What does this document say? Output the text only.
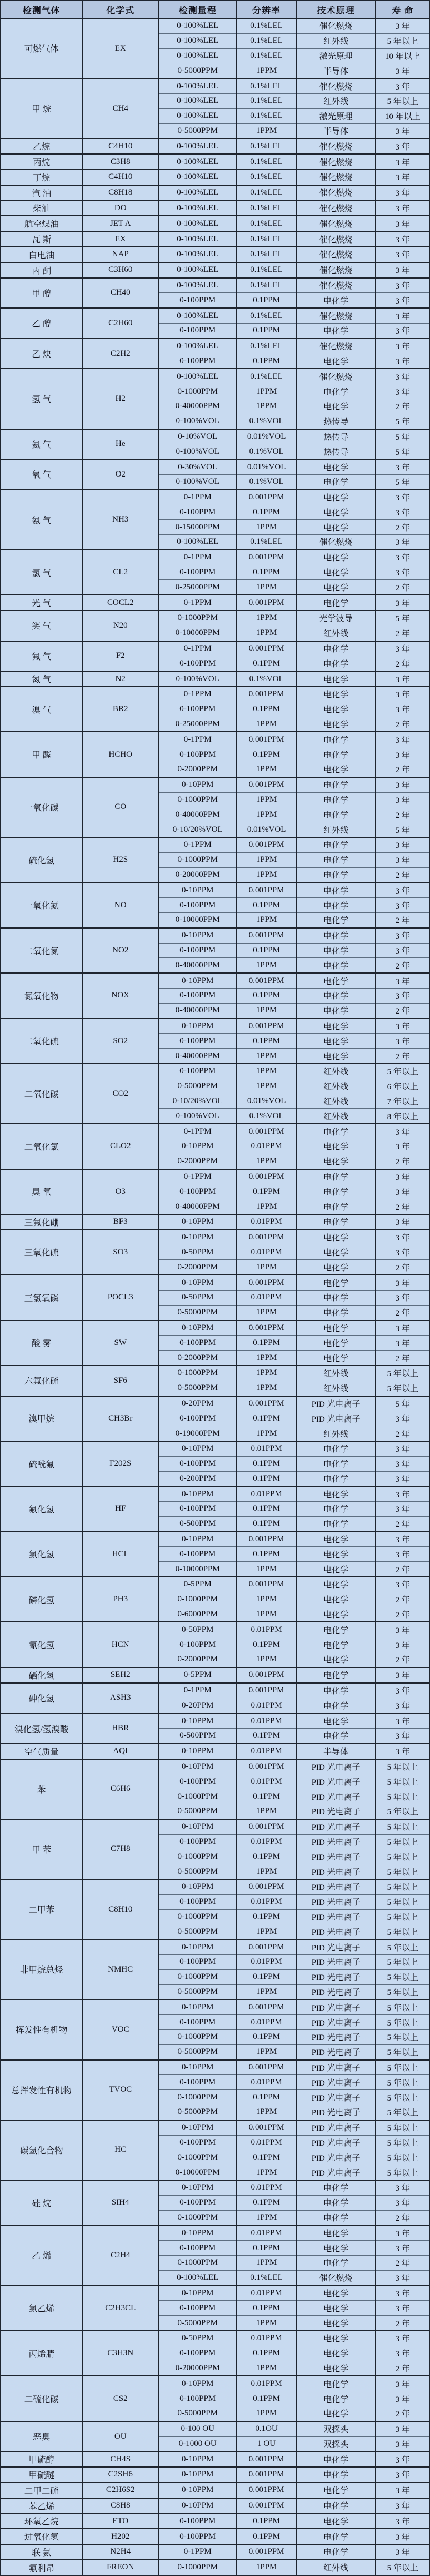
检测气体	化学式	检测量程	分辨率	技术原理	寿 命
可燃气体	EX	0-100%LEL	0.1%LEL	催化燃烧	3 年
		0-100%LEL	0.1%LEL	红外线	5 年以上
		0-100%LEL	0.1%LEL	激光原理	10 年以上
		0-5000PPM	1PPM	半导体	3 年
甲 烷	CH4	0-100%LEL	0.1%LEL	催化燃烧	3 年
		0-100%LEL	0.1%LEL	红外线	5 年以上
		0-100%LEL	0.1%LEL	激光原理	10 年以上
		0-5000PPM	1PPM	半导体	3 年
乙烷	C4H10	0-100%LEL	0.1%LEL	催化燃烧	3 年
丙烷	C3H8	0-100%LEL	0.1%LEL	催化燃烧	3 年
丁烷	C4H10	0-100%LEL	0.1%LEL	催化燃烧	3 年
汽 油	C8H18	0-100%LEL	0.1%LEL	催化燃烧	3 年
柴油	DO	0-100%LEL	0.1%LEL	催化燃烧	3 年
航空煤油	JET A	0-100%LEL	0.1%LEL	催化燃烧	3 年
瓦 斯	EX	0-100%LEL	0.1%LEL	催化燃烧	3 年
白电油	NAP	0-100%LEL	0.1%LEL	催化燃烧	3 年
丙 酮	C3H60	0-100%LEL	0.1%LEL	催化燃烧	3 年
甲 醇	CH40	0-100%LEL	0.1%LEL	催化燃烧	3 年
		0-100PPM	0.1PPM	电化学	3 年
乙 醇	C2H60	0-100%LEL	0.1%LEL	催化燃烧	3 年
		0-100PPM	0.1PPM	电化学	3 年
乙 炔	C2H2	0-100%LEL	0.1%LEL	催化燃烧	3 年
		0-100PPM	0.1PPM	电化学	3 年
氢 气	H2	0-100%LEL	0.1%LEL	催化燃烧	3 年
		0-1000PPM	1PPM	电化学	3 年
		0-40000PPM	1PPM	电化学	2 年
		0-100%VOL	0.1%VOL	热传导	5 年
氦 气	He	0-10%VOL	0.01%VOL	热传导	5 年
		0-100%VOL	0.1%VOL	热传导	5 年
氧 气	O2	0-30%VOL	0.01%VOL	电化学	3 年
		0-100%VOL	0.1%VOL	电化学	5 年
氨 气	NH3	0-1PPM	0.001PPM	电化学	3 年
		0-100PPM	0.1PPM	电化学	3 年
		0-15000PPM	1PPM	电化学	2 年
		0-100%LEL	0.1%LEL	催化燃烧	3 年
氯 气	CL2	0-1PPM	0.001PPM	电化学	3 年
		0-100PPM	0.1PPM	电化学	3 年
		0-25000PPM	1PPM	电化学	2 年
光 气	COCL2	0-1PPM	0.001PPM	电化学	3 年
笑 气	N20	0-1000PPM	1PPM	光学波导	5 年
		0-10000PPM	1PPM	红外线	2 年
氟 气	F2	0-1PPM	0.001PPM	电化学	3 年
		0-100PPM	0.1PPM	电化学	2 年
氮 气	N2	0-100%VOL	0.1%VOL	电化学	3 年
溴 气	BR2	0-1PPM	0.001PPM	电化学	3 年
		0-100PPM	0.1PPM	电化学	3 年
		0-25000PPM	1PPM	电化学	2 年
甲 醛	HCHO	0-1PPM	0.001PPM	电化学	3 年
		0-100PPM	0.1PPM	电化学	3 年
		0-2000PPM	1PPM	电化学	2 年
一氧化碳	CO	0-10PPM	0.001PPM	电化学	3 年
		0-1000PPM	1PPM	电化学	3 年
		0-40000PPM	1PPM	电化学	2 年
		0-10/20%VOL	0.01%VOL	红外线	5 年
硫化氢	H2S	0-1PPM	0.001PPM	电化学	3 年
		0-1000PPM	1PPM	电化学	3 年
		0-20000PPM	1PPM	电化学	2 年
一氧化氮	NO	0-10PPM	0.001PPM	电化学	3 年
		0-100PPM	0.1PPM	电化学	3 年
		0-10000PPM	1PPM	电化学	2 年
二氧化氮	NO2	0-10PPM	0.001PPM	电化学	3 年
		0-100PPM	0.1PPM	电化学	3 年
		0-40000PPM	1PPM	电化学	2 年
氮氧化物	NOX	0-10PPM	0.001PPM	电化学	3 年
		0-100PPM	0.1PPM	电化学	3 年
		0-40000PPM	1PPM	电化学	2 年
二氧化硫	SO2	0-10PPM	0.001PPM	电化学	3 年
		0-100PPM	0.1PPM	电化学	3 年
		0-40000PPM	1PPM	电化学	2 年
二氧化碳	CO2	0-100PPM	1PPM	红外线	5 年以上
		0-5000PPM	1PPM	红外线	6 年以上
		0-10/20%VOL	0.01%VOL	红外线	7 年以上
		0-100%VOL	0.1%VOL	红外线	8 年以上
二氧化氯	CLO2	0-1PPM	0.001PPM	电化学	3 年
		0-10PPM	0.01PPM	电化学	3 年
		0-2000PPM	1PPM	电化学	2 年
臭 氧	O3	0-1PPM	0.001PPM	电化学	3 年
		0-100PPM	0.1PPM	电化学	3 年
		0-40000PPM	1PPM	电化学	2 年
三氟化硼	BF3	0-10PPM	0.01PPM	电化学	3 年
三氧化硫	SO3	0-10PPM	0.001PPM	电化学	3 年
		0-50PPM	0.01PPM	电化学	3 年
		0-2000PPM	1PPM	电化学	2 年
三氯氧磷	POCL3	0-10PPM	0.001PPM	电化学	3 年
		0-50PPM	0.01PPM	电化学	3 年
		0-5000PPM	1PPM	电化学	2 年
酸 雾	SW	0-10PPM	0.001PPM	电化学	3 年
		0-100PPM	0.1PPM	电化学	3 年
		0-2000PPM	1PPM	电化学	2 年
六氟化硫	SF6	0-1000PPM	1PPM	红外线	5 年以上
		0-5000PPM	1PPM	红外线	5 年以上
溴甲烷	CH3Br	0-20PPM	0.001PPM	PID 光电离子	5 年
		0-100PPM	0.1PPM	PID 光电离子	3 年
		0-19000PPM	1PPM	红外线	2 年
硫酰氟	F202S	0-10PPM	0.01PPM	电化学	3 年
		0-100PPM	0.1PPM	电化学	3 年
		0-200PPM	0.1PPM	电化学	3 年
氟化氢	HF	0-10PPM	0.01PPM	电化学	3 年
		0-100PPM	0.1PPM	电化学	3 年
		0-500PPM	0.1PPM	电化学	2 年
氯化氢	HCL	0-10PPM	0.001PPM	电化学	3 年
		0-100PPM	0.1PPM	电化学	3 年
		0-10000PPM	1PPM	电化学	2 年
磷化氢	PH3	0-5PPM	0.001PPM	电化学	3 年
		0-1000PPM	1PPM	电化学	2 年
		0-6000PPM	1PPM	电化学	2 年
氰化氢	HCN	0-50PPM	0.01PPM	电化学	3 年
		0-100PPM	0.1PPM	电化学	3 年
		0-2000PPM	1PPM	电化学	2 年
硒化氢	SEH2	0-5PPM	0.001PPM	电化学	3 年
砷化氢	ASH3	0-1PPM	0.001PPM	电化学	3 年
		0-20PPM	0.01PPM	电化学	3 年
溴化氢/氢溴酸	HBR	0-10PPM	0.01PPM	电化学	3 年
		0-500PPM	0.1PPM	电化学	3 年
空气质量	AQI	0-10PPM	0.01PPM	半导体	3 年
苯	C6H6	0-10PPM	0.001PPM	PID 光电离子	5 年以上
		0-100PPM	0.01PPM	PID 光电离子	5 年以上
		0-1000PPM	0.1PPM	PID 光电离子	5 年以上
		0-5000PPM	1PPM	PID 光电离子	5 年以上
甲 苯	C7H8	0-10PPM	0.001PPM	PID 光电离子	5 年以上
		0-100PPM	0.01PPM	PID 光电离子	5 年以上
		0-1000PPM	0.1PPM	PID 光电离子	5 年以上
		0-5000PPM	1PPM	PID 光电离子	5 年以上
二甲苯	C8H10	0-10PPM	0.001PPM	PID 光电离子	5 年以上
		0-100PPM	0.01PPM	PID 光电离子	5 年以上
		0-1000PPM	0.1PPM	PID 光电离子	5 年以上
		0-5000PPM	1PPM	PID 光电离子	5 年以上
非甲烷总烃	NMHC	0-10PPM	0.001PPM	PID 光电离子	5 年以上
		0-100PPM	0.01PPM	PID 光电离子	5 年以上
		0-1000PPM	0.1PPM	PID 光电离子	5 年以上
		0-5000PPM	1PPM	PID 光电离子	5 年以上
挥发性有机物	VOC	0-10PPM	0.001PPM	PID 光电离子	5 年以上
		0-100PPM	0.01PPM	PID 光电离子	5 年以上
		0-1000PPM	0.1PPM	PID 光电离子	5 年以上
		0-5000PPM	1PPM	PID 光电离子	5 年以上
总挥发性有机物	TVOC	0-10PPM	0.001PPM	PID 光电离子	5 年以上
		0-100PPM	0.01PPM	PID 光电离子	5 年以上
		0-1000PPM	0.1PPM	PID 光电离子	5 年以上
		0-5000PPM	1PPM	PID 光电离子	5 年以上
碳氢化合物	HC	0-10PPM	0.001PPM	PID 光电离子	5 年以上
		0-100PPM	0.01PPM	PID 光电离子	5 年以上
		0-1000PPM	0.1PPM	PID 光电离子	5 年以上
		0-10000PPM	1PPM	PID 光电离子	5 年以上
硅 烷	SIH4	0-10PPM	0.01PPM	电化学	3 年
		0-100PPM	0.1PPM	电化学	3 年
		0-1000PPM	1PPM	电化学	2 年
乙 烯	C2H4	0-10PPM	0.01PPM	电化学	3 年
		0-100PPM	0.1PPM	电化学	3 年
		0-1000PPM	1PPM	电化学	2 年
		0-100%LEL	0.1%LEL	催化燃烧	3 年
氯乙烯	C2H3CL	0-10PPM	0.01PPM	电化学	3 年
		0-100PPM	0.1PPM	电化学	3 年
		0-5000PPM	1PPM	电化学	2 年
丙烯腈	C3H3N	0-50PPM	0.01PPM	电化学	3 年
		0-100PPM	0.1PPM	电化学	3 年
		0-20000PPM	1PPM	电化学	2 年
二硫化碳	CS2	0-10PPM	0.01PPM	电化学	3 年
		0-100PPM	0.1PPM	电化学	3 年
		0-5000PPM	1PPM	电化学	2 年
恶臭	OU	0-100 OU	0.1OU	双探头	3 年
		0-1000 OU	1 OU	双探头	3 年
甲硫醇	CH4S	0-10PPM	0.001PPM	电化学	3 年
甲硫醚	C2SH6	0-10PPM	0.001PPM	电化学	3 年
二甲二硫	C2H6S2	0-10PPM	0.001PPM	电化学	3 年
苯乙烯	C8H8	0-10PPM	0.001PPM	电化学	3 年
环氧乙烷	ETO	0-100PPM	0.1PPM	电化学	3 年
过氧化氢	H202	0-100PPM	0.1PPM	电化学	3 年
联 氨	N2H4	0-1PPM	0.001PPM	电化学	3 年
氟利昂	FREON	0-1000PPM	1PPM	红外线	5 年以上
